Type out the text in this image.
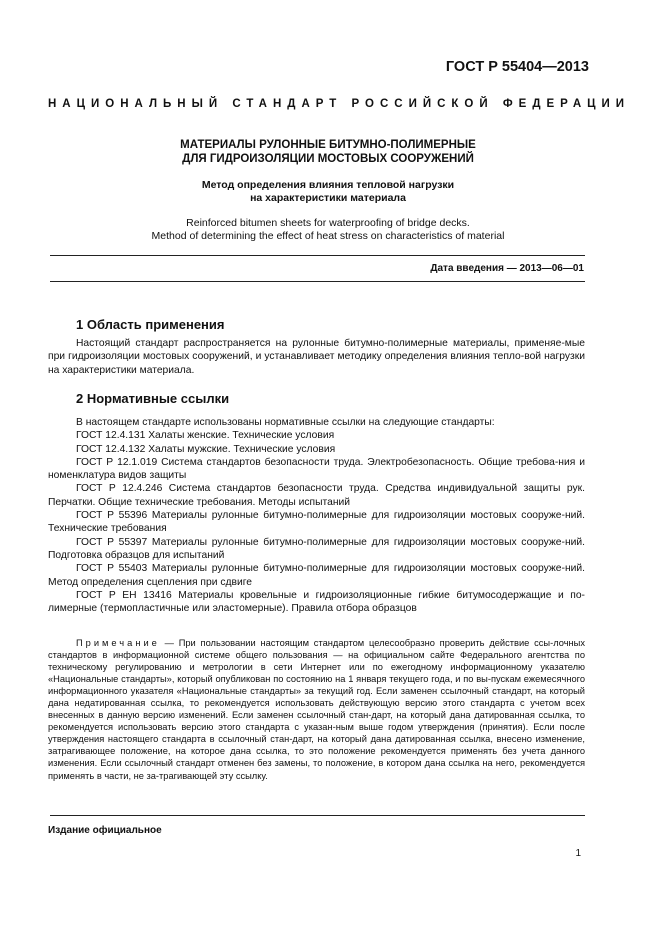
ГОСТ Р 55404—2013
НАЦИОНАЛЬНЫЙ СТАНДАРТ РОССИЙСКОЙ ФЕДЕРАЦИИ
МАТЕРИАЛЫ РУЛОННЫЕ БИТУМНО-ПОЛИМЕРНЫЕ
ДЛЯ ГИДРОИЗОЛЯЦИИ МОСТОВЫХ СООРУЖЕНИЙ
Метод определения влияния тепловой нагрузки
на характеристики материала
Reinforced bitumen sheets for waterproofing of bridge decks.
Method of determining the effect of heat stress on characteristics of material
Дата введения — 2013—06—01
1 Область применения
Настоящий стандарт распространяется на рулонные битумно-полимерные материалы, применяе-мые при гидроизоляции мостовых сооружений, и устанавливает методику определения влияния тепло-вой нагрузки на характеристики материала.
2 Нормативные ссылки
В настоящем стандарте использованы нормативные ссылки на следующие стандарты:
ГОСТ 12.4.131 Халаты женские. Технические условия
ГОСТ 12.4.132 Халаты мужские. Технические условия
ГОСТ Р 12.1.019 Система стандартов безопасности труда. Электробезопасность. Общие требова-ния и номенклатура видов защиты
ГОСТ Р 12.4.246 Система стандартов безопасности труда. Средства индивидуальной защиты рук. Перчатки. Общие технические требования. Методы испытаний
ГОСТ Р 55396 Материалы рулонные битумно-полимерные для гидроизоляции мостовых сооруже-ний. Технические требования
ГОСТ Р 55397 Материалы рулонные битумно-полимерные для гидроизоляции мостовых сооруже-ний. Подготовка образцов для испытаний
ГОСТ Р 55403 Материалы рулонные битумно-полимерные для гидроизоляции мостовых сооруже-ний. Метод определения сцепления при сдвиге
ГОСТ Р ЕН 13416 Материалы кровельные и гидроизоляционные гибкие битумосодержащие и по-лимерные (термопластичные или эластомерные). Правила отбора образцов
Примечание — При пользовании настоящим стандартом целесообразно проверить действие ссы-лочных стандартов в информационной системе общего пользования — на официальном сайте Федерального агентства по техническому регулированию и метрологии в сети Интернет или по ежегодному информационному указателю «Национальные стандарты», который опубликован по состоянию на 1 января текущего года, и по вы-пускам ежемесячного информационного указателя «Национальные стандарты» за текущий год. Если заменен ссылочный стандарт, на который дана недатированная ссылка, то рекомендуется использовать действующую версию этого стандарта с учетом всех внесенных в данную версию изменений. Если заменен ссылочный стан-дарт, на который дана датированная ссылка, то рекомендуется использовать версию этого стандарта с указан-ным выше годом утверждения (принятия). Если после утверждения настоящего стандарта в ссылочный стан-дарт, на который дана датированная ссылка, внесено изменение, затрагивающее положение, на которое дана ссылка, то это положение рекомендуется применять без учета данного изменения. Если ссылочный стандарт отменен без замены, то положение, в котором дана ссылка на него, рекомендуется применять в части, не за-трагивающей эту ссылку.
Издание официальное
1
